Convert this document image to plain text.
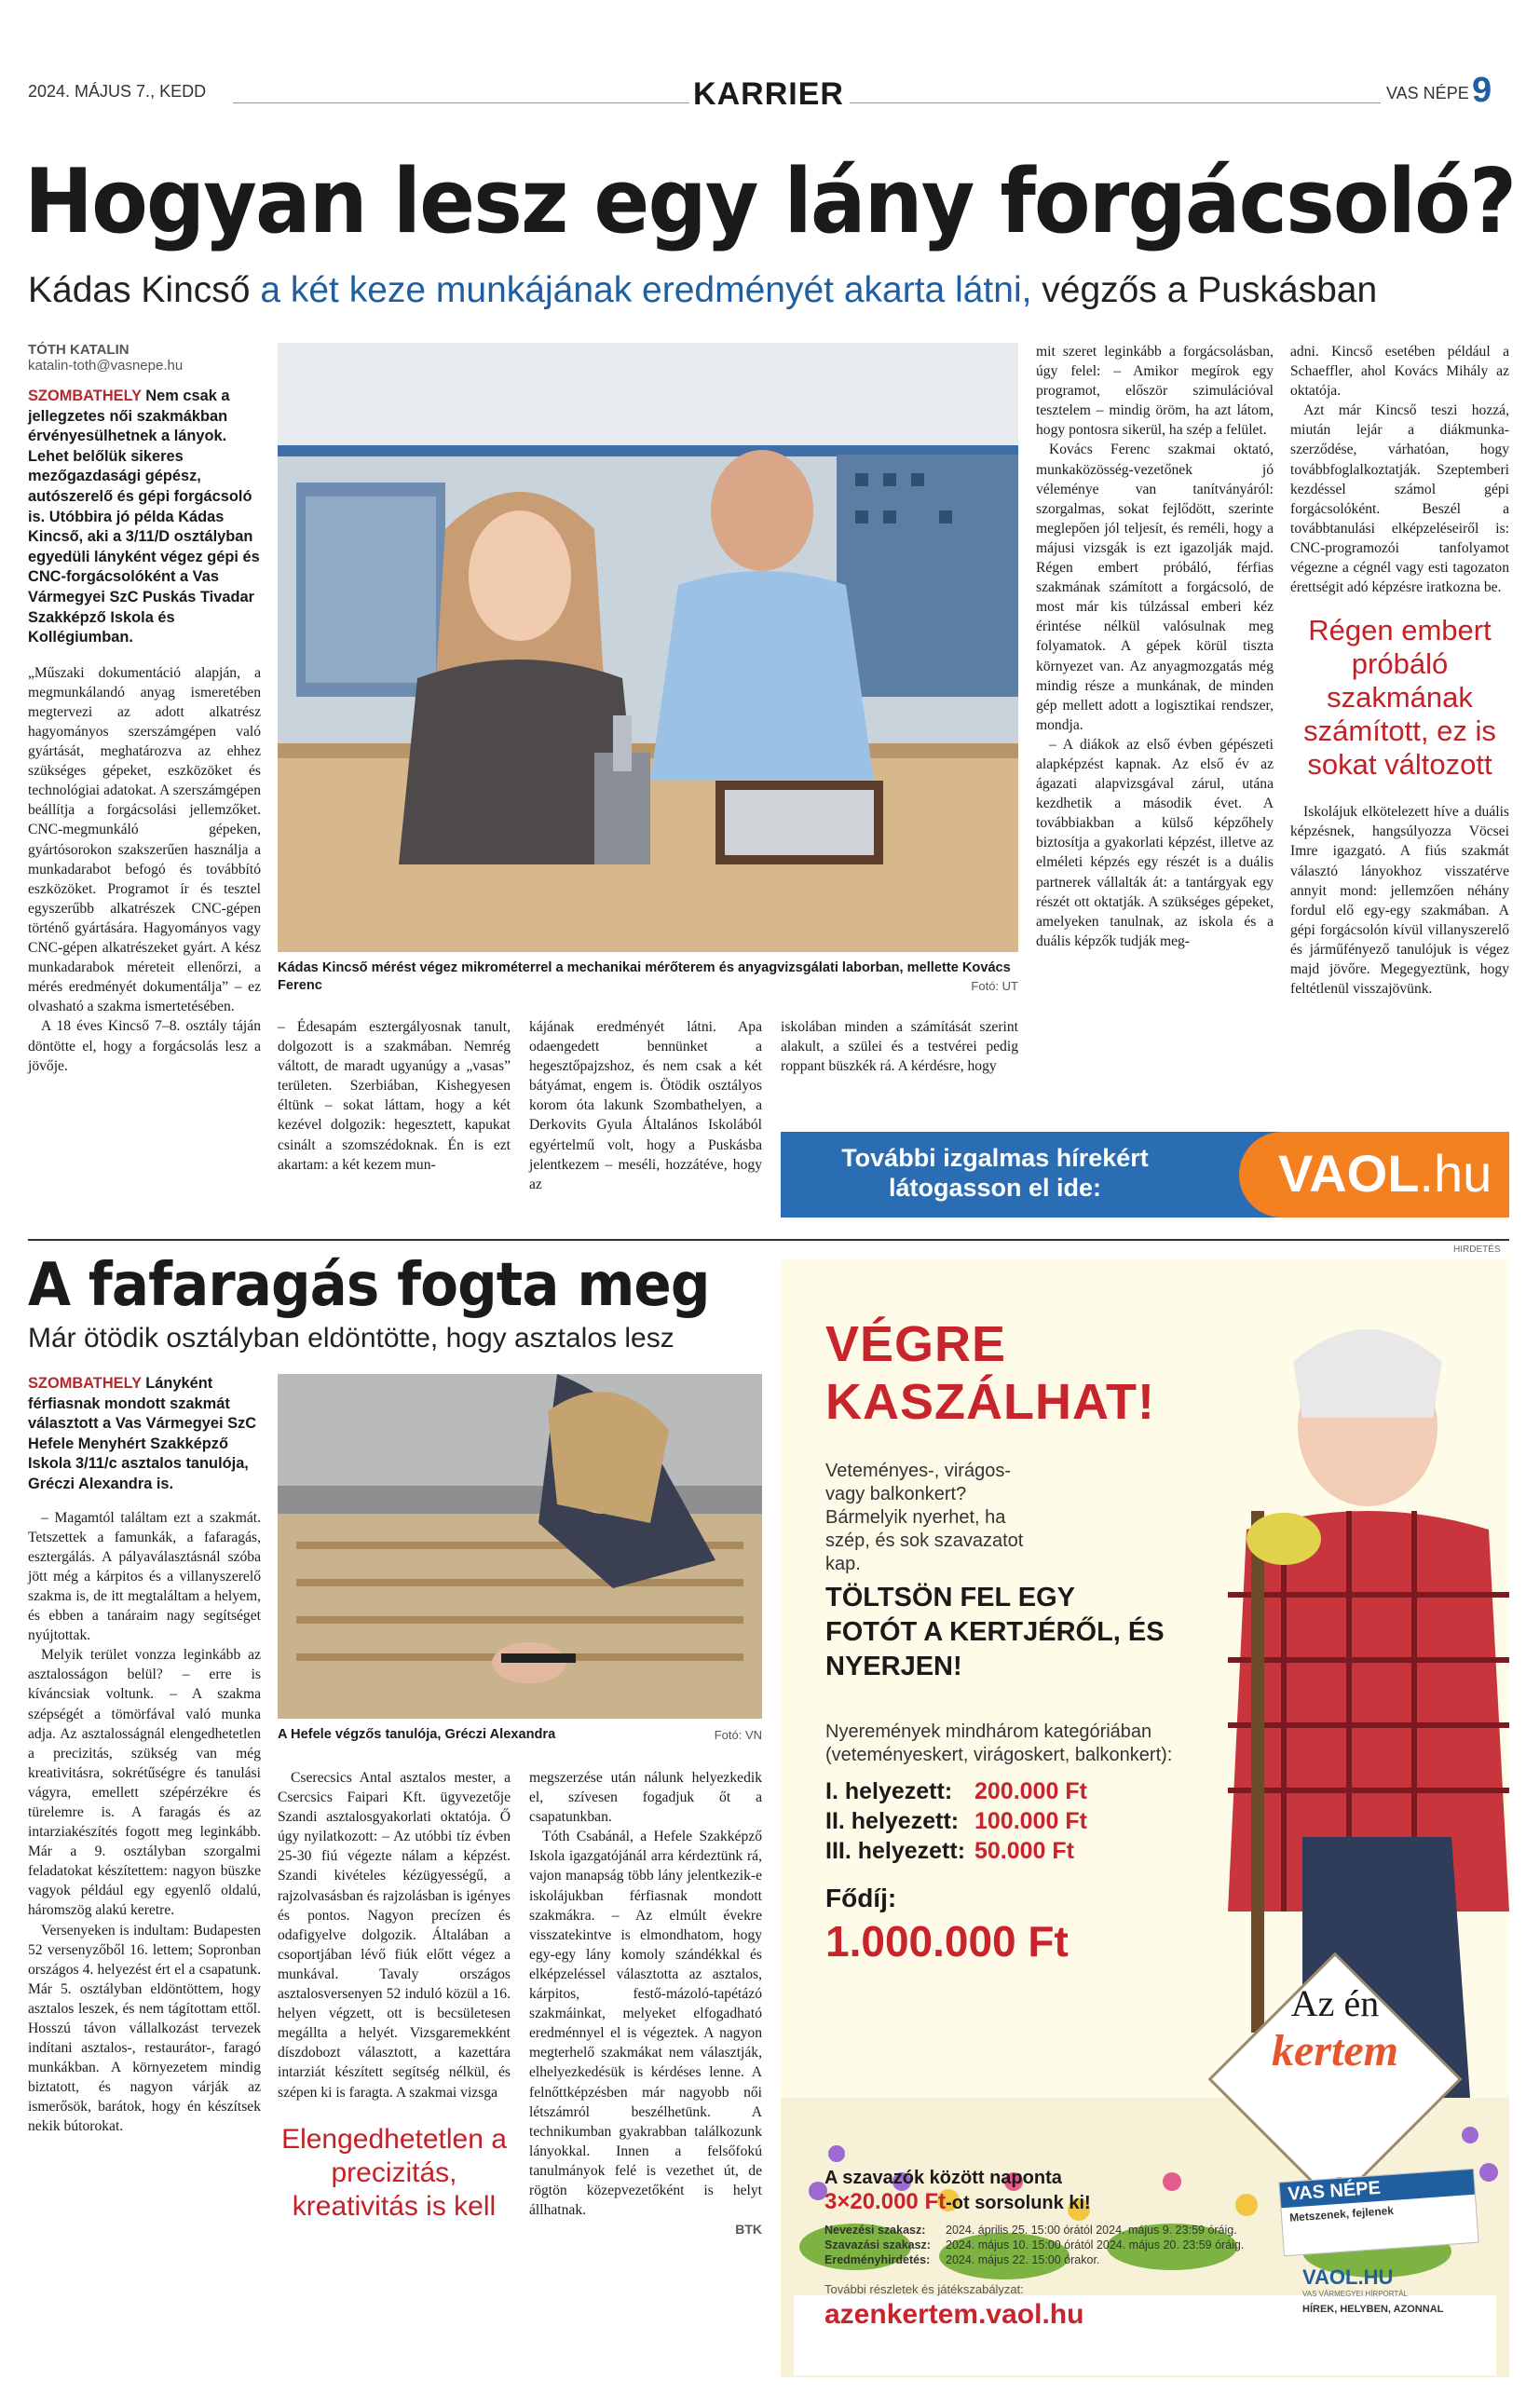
2024. MÁJUS 7., KEDD	KARRIER	VAS NÉPE 9
Hogyan lesz egy lány forgácsoló?
Kádas Kincső a két keze munkájának eredményét akarta látni, végzős a Puskásban
TÓTH KATALIN
katalin-toth@vasnepe.hu
SZOMBATHELY Nem csak a jellegzetes női szakmákban érvényesülhetnek a lányok. Lehet belőlük sikeres mezőgazdasági gépész, autószerelő és gépi forgácsoló is. Utóbbira jó példa Kádas Kincső, aki a 3/11/D osztályban egyedüli lányként végez gépi és CNC-forgácsolóként a Vas Vármegyei SzC Puskás Tivadar Szakképző Iskola és Kollégiumban.

„Műszaki dokumentáció alapján, a megmunkálandó anyag ismeretében megtervezi az adott alkatrész hagyományos szerszámgépen való gyártását, meghatározva az ehhez szükséges gépeket, eszközöket és technológiai adatokat. A szerszámgépen beállítja a forgácsolási jellemzőket. CNC-megmunkáló gépeken, gyártósorokon szakszerűen használja a munkadarabot befogó és továbbító eszközöket. Programot ír és tesztel egyszerűbb alkatrészek CNC-gépen történő gyártására. Hagyományos vagy CNC-gépen alkatrészeket gyárt. A kész munkadarabok méreteit ellenőrzi, a mérés eredményét dokumentálja” – ez olvasható a szakma ismertetésében.

A 18 éves Kincső 7–8. osztály táján döntötte el, hogy a forgácsolás lesz a jövője.

Kádas Kincső mérést végez mikrométerrel a mechanikai mérőterem és anyagvizsgálati laborban, mellette Kovács Ferenc	Fotó: UT

– Édesapám esztergályosnak tanult, dolgozott is a szakmában. Nemrég váltott, de maradt ugyanúgy a „vasas” területen. Szerbiában, Kishegyesen éltünk – sokat láttam, hogy a két kezével dolgozik: hegesztett, kapukat csinált a szomszédoknak. Én is ezt akartam: a két kezem mun-

kájának eredményét látni. Apa odaengedett bennünket a hegesztőpajzshoz, és nem csak a két bátyámat, engem is. Ötödik osztályos korom óta lakunk Szombathelyen, a Derkovits Gyula Általános Iskolából egyértelmű volt, hogy a Puskásba jelentkezem – meséli, hozzátéve, hogy az

iskolában minden a számítását szerint alakult, a szülei és a testvérei pedig roppant büszkék rá. A kérdésre, hogy

mit szeret leginkább a forgácsolásban, úgy felel: – Amikor megírok egy programot, először szimulációval tesztelem – mindig öröm, ha azt látom, hogy pontosra sikerül, ha szép a felület.

Kovács Ferenc szakmai oktató, munkaközösség-vezetőnek jó véleménye van tanítványáról: szorgalmas, sokat fejlődött, szerinte meglepően jól teljesít, és reméli, hogy a májusi vizsgák is ezt igazolják majd. Régen embert próbáló, férfias szakmának számított a forgácsoló, de most már kis túlzással emberi kéz érintése nélkül valósulnak meg folyamatok. A gépek körül tiszta környezet van. Az anyagmozgatás még mindig része a munkának, de minden gép mellett adott a logisztikai rendszer, mondja.

– A diákok az első évben gépészeti alapképzést kapnak. Az első év az ágazati alapvizsgával zárul, utána kezdhetik a második évet. A továbbiakban a külső képzőhely biztosítja a gyakorlati képzést, illetve az elméleti képzés egy részét is a duális partnerek vállalták át: a tantárgyak egy részét ott oktatják. A szükséges gépeket, amelyeken tanulnak, az iskola és a duális képzők tudják meg-

adni. Kincső esetében például a Schaeffler, ahol Kovács Mihály az oktatója.

Azt már Kincső teszi hozzá, miután lejár a diákmunka-szerződése, várhatóan, hogy továbbfoglalkoztatják. Szeptemberi kezdéssel számol gépi forgácsolóként. Beszél a továbbtanulási elképzeléseiről is: CNC-programozói tanfolyamot végezne a cégnél vagy esti tagozaton érettségit adó képzésre iratkozna be.

Régen embert próbáló szakmának számított, ez is sokat változott

Iskolájuk elkötelezett híve a duális képzésnek, hangsúlyozza Vöcsei Imre igazgató. A fiús szakmát választó lányokhoz visszatérve annyit mond: jellemzően néhány fordul elő egy-egy szakmában. A gépi forgácsolón kívül villanyszerelő és járműfényező tanulójuk is végez majd jövőre. Megegyeztünk, hogy feltétlenül visszajövünk.

További izgalmas hírekért
látogasson el ide:	VAOL.hu
A fafaragás fogta meg
Már ötödik osztályban eldöntötte, hogy asztalos lesz
SZOMBATHELY Lányként férfiasnak mondott szakmát választott a Vas Vármegyei SzC Hefele Menyhért Szakképző Iskola 3/11/c asztalos tanulója, Gréczi Alexandra is.

– Magamtól találtam ezt a szakmát. Tetszettek a famunkák, a fafaragás, esztergálás. A pályaválasztásnál szóba jött még a kárpitos és a villanyszerelő szakma is, de itt megtaláltam a helyem, és ebben a tanáraim nagy segítséget nyújtottak.

Melyik terület vonzza leginkább az asztalosságon belül? – erre is kíváncsiak voltunk. – A szakma szépségét a tömörfával való munka adja. Az asztalosságnál elengedhetetlen a precizitás, szükség van még kreativitásra, sokrétűségre és tanulási vágyra, emellett szépérzékre és türelemre is. A faragás és az intarziakészítés fogott meg leginkább. Már a 9. osztályban szorgalmi feladatokat készítettem: nagyon büszke vagyok például egy egyenlő oldalú, háromszög alakú keretre.

Versenyeken is indultam: Budapesten 52 versenyzőből 16. lettem; Sopronban országos 4. helyezést ért el a csapatunk. Már 5. osztályban eldöntöttem, hogy asztalos leszek, és nem tágítottam ettől. Hosszú távon vállalkozást tervezek indítani asztalos-, restaurátor-, faragó munkákban. A környezetem mindig biztatott, és nagyon várják az ismerősök, barátok, hogy én készítsek nekik bútorokat.

A Hefele végzős tanulója, Gréczi Alexandra	Fotó: VN

Cserecsics Antal asztalos mester, a Csercsics Faipari Kft. ügyvezetője Szandi asztalosgyakorlati oktatója. Ő úgy nyilatkozott: – Az utóbbi tíz évben 25-30 fiú végezte nálam a képzést. Szandi kivételes kézügyességű, a rajzolvasásban és rajzolásban is igényes és pontos. Nagyon precízen és odafigyelve dolgozik. Általában a csoportjában lévő fiúk előtt végez a munkával. Tavaly országos asztalosversenyen 52 induló közül a 16. helyen végzett, ott is becsületesen megállta a helyét. Vizsgaremekként díszdobozt választott, a kazettára intarziát készített segítség nélkül, és szépen ki is faragta. A szakmai vizsga

Elengedhetetlen a precizitás, kreativitás is kell

megszerzése után nálunk helyezkedik el, szívesen fogadjuk őt a csapatunkban.

Tóth Csabánál, a Hefele Szakképző Iskola igazgatójánál arra kérdeztünk rá, vajon manapság több lány jelentkezik-e iskolájukban férfiasnak mondott szakmákra. – Az elmúlt évekre visszatekintve is elmondhatom, hogy egy-egy lány komoly szándékkal és elképzeléssel választotta az asztalos, kárpitos, festő-mázoló-tapétázó szakmáinkat, melyeket elfogadható eredménnyel el is végeztek. A nagyon megterhelő szakmákat nem választják, elhelyezkedésük is kérdéses lenne. A felnőttképzésben már nagyobb női létszámról beszélhetünk. A technikumban gyakrabban találkozunk lányokkal. Innen a felsőfokú tanulmányok felé is vezethet út, de rögtön közepvezetőként is helyt állhatnak.

BTK
HIRDETÉS
VÉGRE
KASZÁLHAT!
Veteményes-, virágos- vagy balkonkert? Bármelyik nyerhet, ha szép, és sok szavazatot kap.
TÖLTSÖN FEL EGY FOTÓT A KERTJÉRŐL, ÉS NYERJEN!
Nyeremények mindhárom kategóriában (veteményeskert, virágoskert, balkonkert):
I. helyezett: 200.000 Ft
II. helyezett: 100.000 Ft
III. helyezett: 50.000 Ft
Fődíj:
1.000.000 Ft
Az én
kertem
A szavazók között naponta
3×20.000 Ft-ot sorsolunk ki!
Nevezési szakasz: 2024. április 25. 15:00 órától 2024. május 9. 23:59 óráig.
Szavazási szakasz: 2024. május 10. 15:00 órától 2024. május 20. 23:59 óráig.
Eredményhirdetés: 2024. május 22. 15:00 órakor.
További részletek és játékszabályzat:
azenkertem.vaol.hu
VAS NÉPE
Metszenek, fejlenek
VAOL.HU
VAS VÁRMEGYEI HÍRPORTÁL
HÍREK, HELYBEN, AZONNAL
